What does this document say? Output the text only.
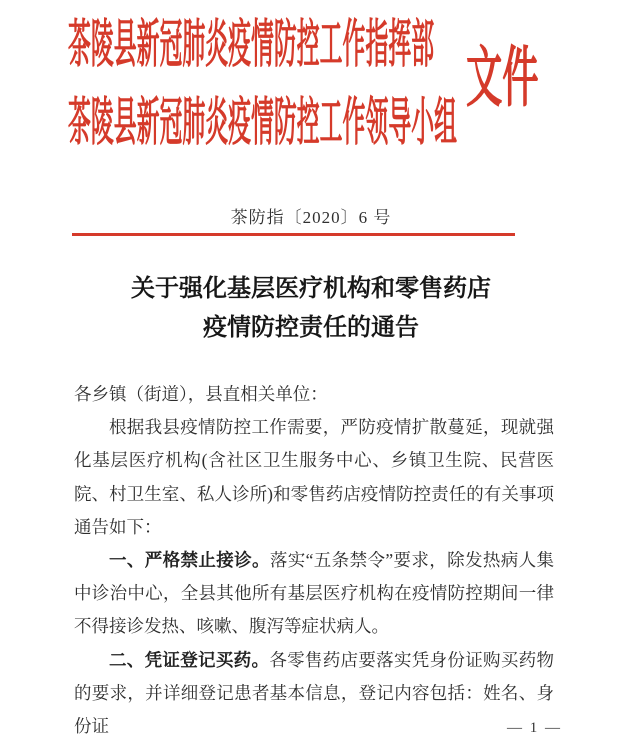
茶陵县新冠肺炎疫情防控工作指挥部
茶陵县新冠肺炎疫情防控工作领导小组
文件
茶防指〔2020〕6 号
关于强化基层医疗机构和零售药店
疫情防控责任的通告

各乡镇（街道），县直相关单位：

根据我县疫情防控工作需要，严防疫情扩散蔓延，现就强化基层医疗机构(含社区卫生服务中心、乡镇卫生院、民营医院、村卫生室、私人诊所)和零售药店疫情防控责任的有关事项通告如下：

一、严格禁止接诊。落实“五条禁令”要求，除发热病人集中诊治中心，全县其他所有基层医疗机构在疫情防控期间一律不得接诊发热、咳嗽、腹泻等症状病人。

二、凭证登记买药。各零售药店要落实凭身份证购买药物的要求，并详细登记患者基本信息，登记内容包括：姓名、身份证	— 1 —
